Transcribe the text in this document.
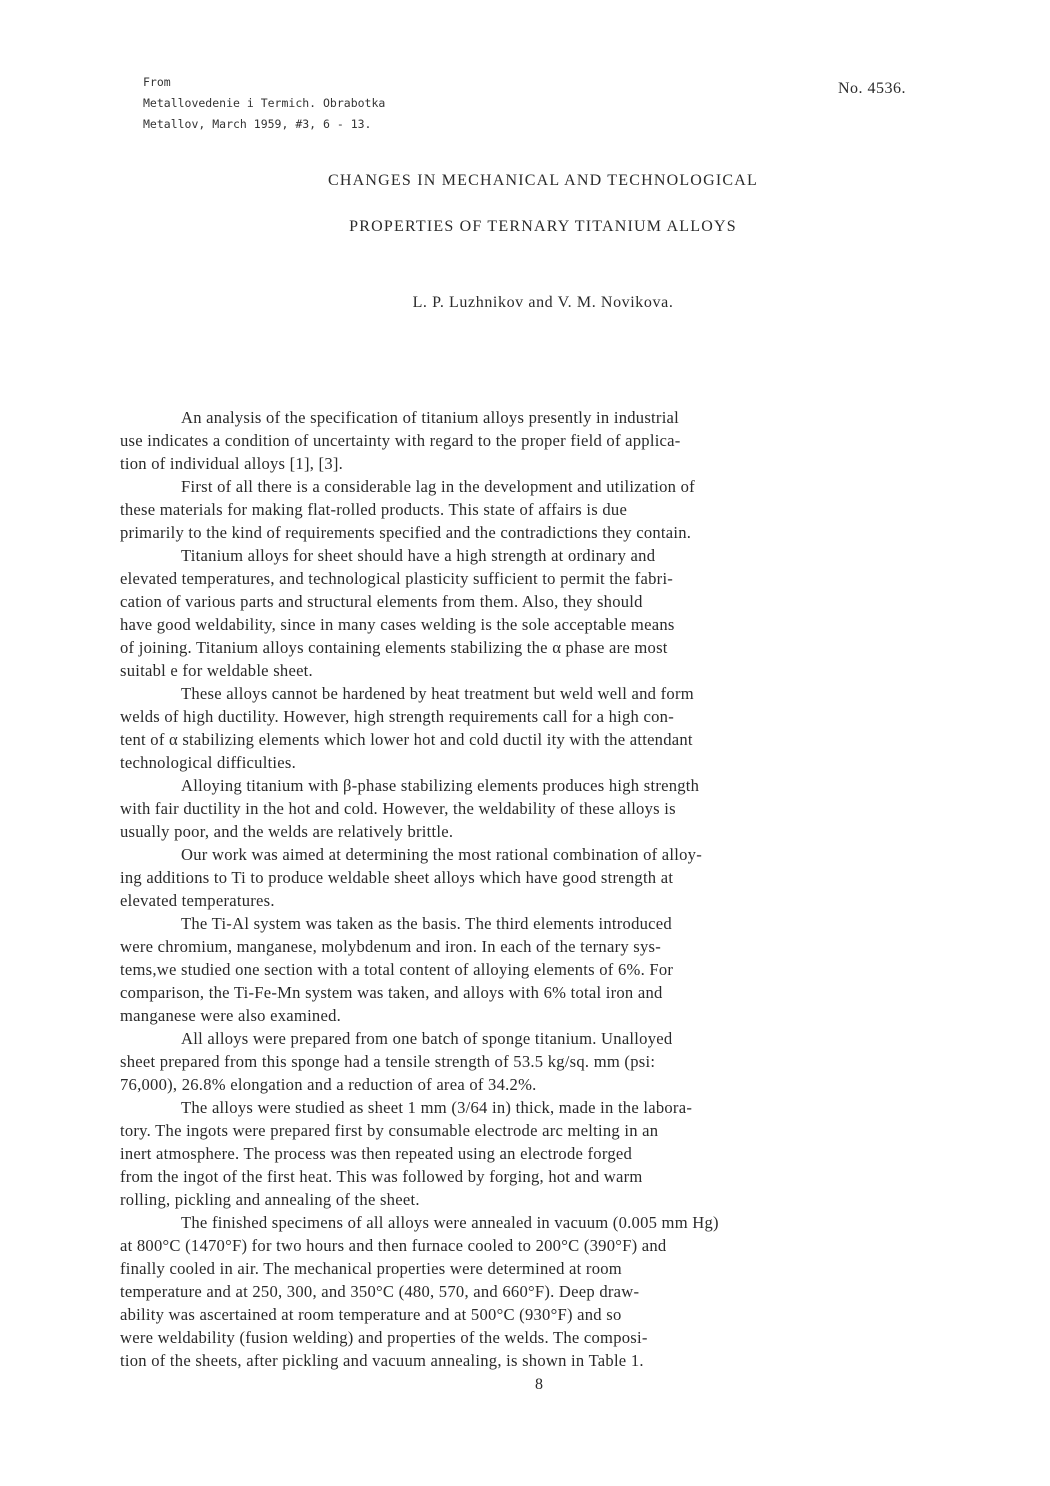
From
Metallovedenie i Termich. Obrabotka
Metallov, March 1959, #3, 6 - 13.
No. 4536.
CHANGES IN MECHANICAL AND TECHNOLOGICAL
PROPERTIES OF TERNARY TITANIUM ALLOYS
L. P. Luzhnikov and V. M. Novikova.
An analysis of the specification of titanium alloys presently in industrial
use indicates a condition of uncertainty with regard to the proper field of applica-
tion of individual alloys [1], [3].
First of all there is a considerable lag in the development and utilization of
these materials for making flat-rolled products. This state of affairs is due
primarily to the kind of requirements specified and the contradictions they contain.
Titanium alloys for sheet should have a high strength at ordinary and
elevated temperatures, and technological plasticity sufficient to permit the fabri-
cation of various parts and structural elements from them. Also, they should
have good weldability, since in many cases welding is the sole acceptable means
of joining. Titanium alloys containing elements stabilizing the α phase are most
suitabl e for weldable sheet.
These alloys cannot be hardened by heat treatment but weld well and form
welds of high ductility. However, high strength requirements call for a high con-
tent of α stabilizing elements which lower hot and cold ductil ity with the attendant
technological difficulties.
Alloying titanium with β-phase stabilizing elements produces high strength
with fair ductility in the hot and cold. However, the weldability of these alloys is
usually poor, and the welds are relatively brittle.
Our work was aimed at determining the most rational combination of alloy-
ing additions to Ti to produce weldable sheet alloys which have good strength at
elevated temperatures.
The Ti-Al system was taken as the basis. The third elements introduced
were chromium, manganese, molybdenum and iron. In each of the ternary sys-
tems,we studied one section with a total content of alloying elements of 6%. For
comparison, the Ti-Fe-Mn system was taken, and alloys with 6% total iron and
manganese were also examined.
All alloys were prepared from one batch of sponge titanium. Unalloyed
sheet prepared from this sponge had a tensile strength of 53.5 kg/sq. mm (psi:
76,000), 26.8% elongation and a reduction of area of 34.2%.
The alloys were studied as sheet 1 mm (3/64 in) thick, made in the labora-
tory. The ingots were prepared first by consumable electrode arc melting in an
inert atmosphere. The process was then repeated using an electrode forged
from the ingot of the first heat. This was followed by forging, hot and warm
rolling, pickling and annealing of the sheet.
The finished specimens of all alloys were annealed in vacuum (0.005 mm Hg)
at 800°C (1470°F) for two hours and then furnace cooled to 200°C (390°F) and
finally cooled in air. The mechanical properties were determined at room
temperature and at 250, 300, and 350°C (480, 570, and 660°F). Deep draw-
ability was ascertained at room temperature and at 500°C (930°F) and so
were weldability (fusion welding) and properties of the welds. The composi-
tion of the sheets, after pickling and vacuum annealing, is shown in Table 1.
8
